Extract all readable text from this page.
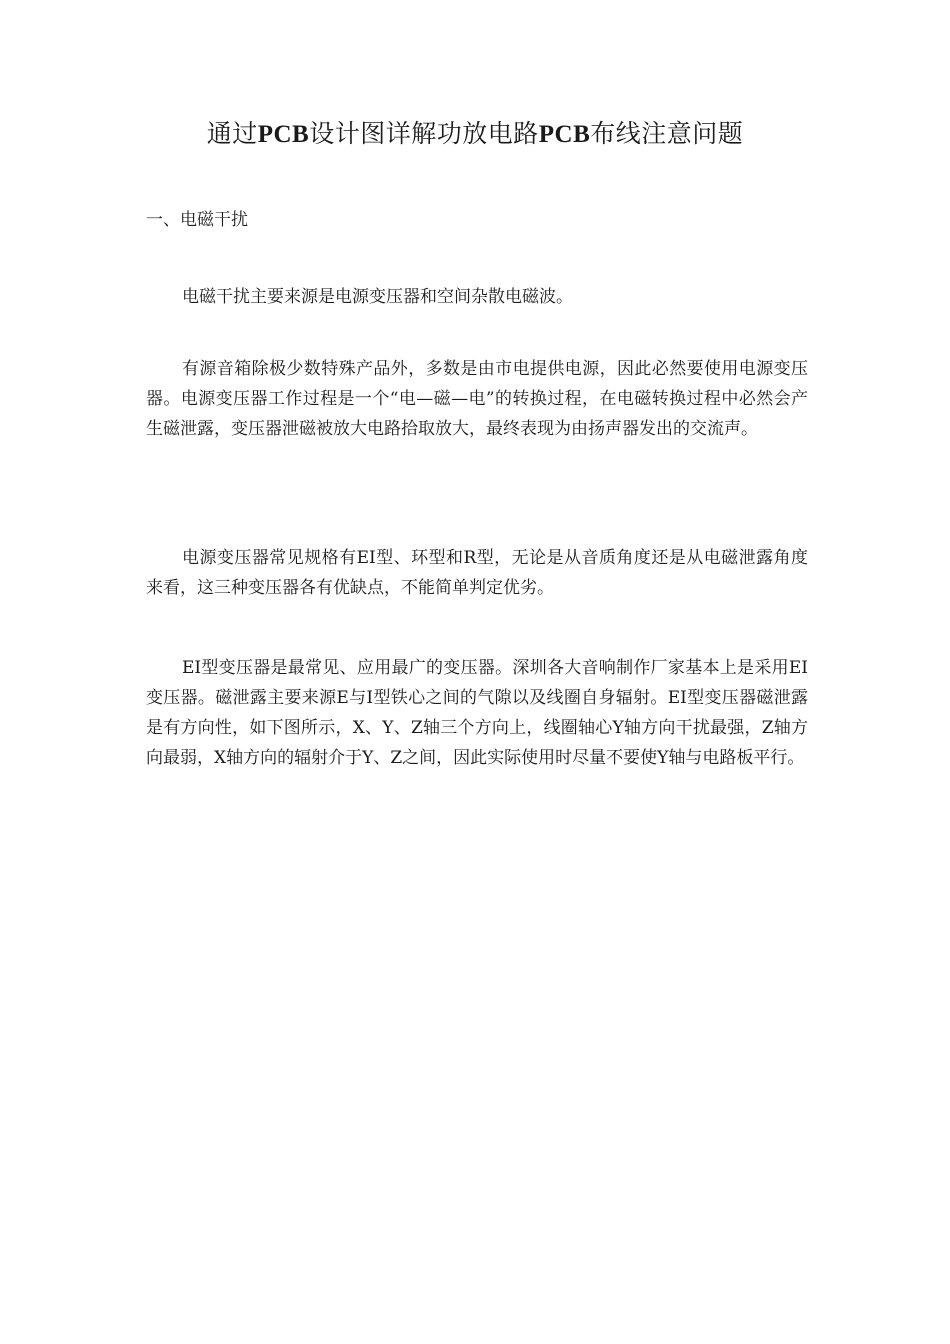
通过PCB设计图详解功放电路PCB布线注意问题
一、电磁干扰

电磁干扰主要来源是电源变压器和空间杂散电磁波。

有源音箱除极少数特殊产品外，多数是由市电提供电源，因此必然要使用电源变压器。电源变压器工作过程是一个“电—磁—电”的转换过程，在电磁转换过程中必然会产生磁泄露，变压器泄磁被放大电路拾取放大，最终表现为由扬声器发出的交流声。

电源变压器常见规格有EI型、环型和R型，无论是从音质角度还是从电磁泄露角度来看，这三种变压器各有优缺点，不能简单判定优劣。

EI型变压器是最常见、应用最广的变压器。深圳各大音响制作厂家基本上是采用EI变压器。磁泄露主要来源E与I型铁心之间的气隙以及线圈自身辐射。EI型变压器磁泄露是有方向性，如下图所示，X、Y、Z轴三个方向上，线圈轴心Y轴方向干扰最强，Z轴方向最弱，X轴方向的辐射介于Y、Z之间，因此实际使用时尽量不要使Y轴与电路板平行。
